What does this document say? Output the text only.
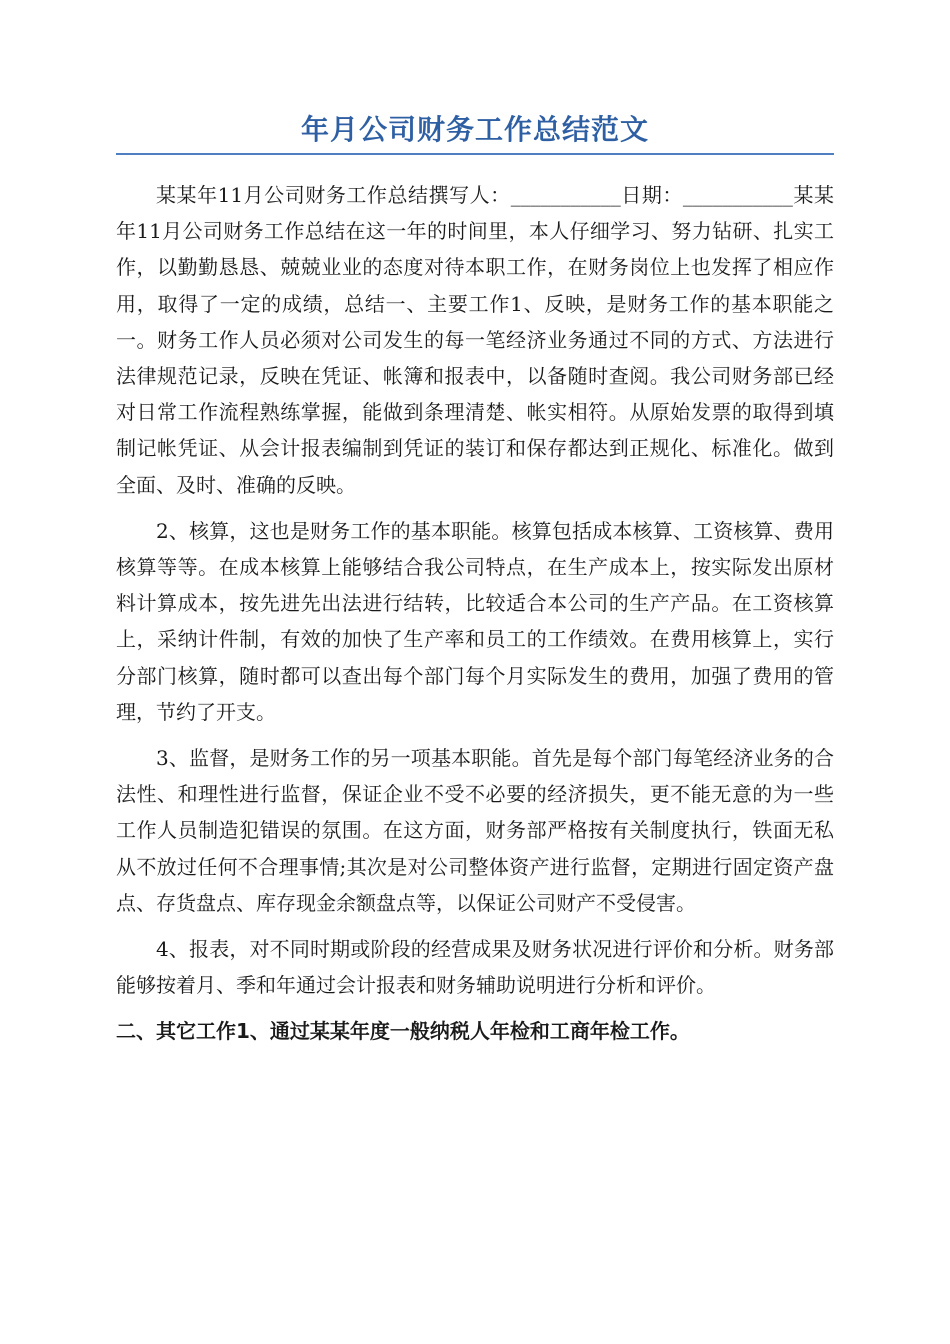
年月公司财务工作总结范文

某某年11月公司财务工作总结撰写人：___________日期：___________某某年11月公司财务工作总结在这一年的时间里，本人仔细学习、努力钻研、扎实工作，以勤勤恳恳、兢兢业业的态度对待本职工作，在财务岗位上也发挥了相应作用，取得了一定的成绩，总结一、主要工作1、反映，是财务工作的基本职能之一。财务工作人员必须对公司发生的每一笔经济业务通过不同的方式、方法进行法律规范记录，反映在凭证、帐簿和报表中，以备随时查阅。我公司财务部已经对日常工作流程熟练掌握，能做到条理清楚、帐实相符。从原始发票的取得到填制记帐凭证、从会计报表编制到凭证的装订和保存都达到正规化、标准化。做到全面、及时、准确的反映。

2、核算，这也是财务工作的基本职能。核算包括成本核算、工资核算、费用核算等等。在成本核算上能够结合我公司特点，在生产成本上，按实际发出原材料计算成本，按先进先出法进行结转，比较适合本公司的生产产品。在工资核算上，采纳计件制，有效的加快了生产率和员工的工作绩效。在费用核算上，实行分部门核算，随时都可以查出每个部门每个月实际发生的费用，加强了费用的管理，节约了开支。

3、监督，是财务工作的另一项基本职能。首先是每个部门每笔经济业务的合法性、和理性进行监督，保证企业不受不必要的经济损失，更不能无意的为一些工作人员制造犯错误的氛围。在这方面，财务部严格按有关制度执行，铁面无私从不放过任何不合理事情;其次是对公司整体资产进行监督，定期进行固定资产盘点、存货盘点、库存现金余额盘点等，以保证公司财产不受侵害。

4、报表，对不同时期或阶段的经营成果及财务状况进行评价和分析。财务部能够按着月、季和年通过会计报表和财务辅助说明进行分析和评价。

二、其它工作1、通过某某年度一般纳税人年检和工商年检工作。
